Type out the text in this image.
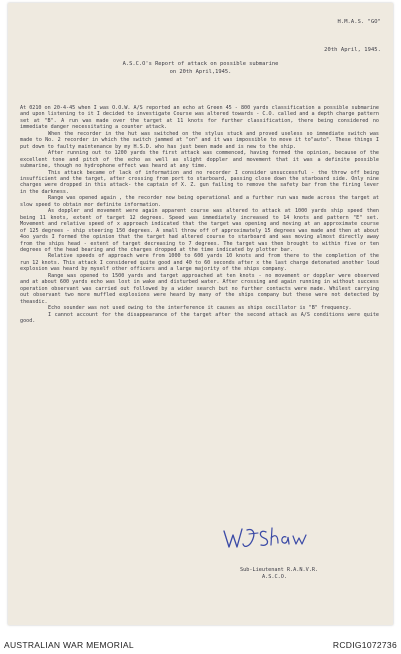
H.M.A.S. "GO"
20th April, 1945.
A.S.C.O's Report of attack on possible submarine
on 20th April,1945.

At 0210 on 20-4-45 when I was O.O.W. A/S reported an echo at Green 45 - 800 yards classification a possible submarine and upon listening to it I decided to investigate Course was altered towards - C.O. called and a depth charge pattern set at "B". A run was made over the target at 11 knots for further classification, there being considered no immediate danger necessitating a counter attack.

When the recorder in the hut was switched on the stylus stuck and proved useless so immediate switch was made to No. 2 recorder in which the switch jammed at "on" and it was impossible to move it to"auto". These things I put down to faulty maintenance by my H.S.D. who has just been made and is new to the ship.

After running out to 1200 yards the first attack was commenced, having formed the opinion, because of the excellent tone and pitch of the echo as well as slight doppler and movement that it was a definite possible submarine, though no hydrophone effect was heard at any time.

This attack became of lack of information and no recorder I consider unsuccessful - the throw off being insufficient and the target, after crossing from port to starboard, passing close down the starboard side. Only nine charges were dropped in this attack- the captain of X. Z. gun failing to remove the safety bar from the firing lever in the darkness.

Range was opened again , the recorder now being operational and a further run was made across the target at slow speed to obtain mor definite information.

As doppler and movement were again apparent course was altered to attack at 1000 yards ship speed then being 11 knots, extent of target 12 degrees. Speed was immediately increased to 14 knots and pattern "E" set. Movement and relative speed of x approach indicated that the target was opening and moving at an approximate course of 125 degrees - ship steering 150 degrees. A small throw off of approximately 15 degrees was made and then at about 4oo yards I formed the opinion that the target had altered course to starboard and was moving almost directly away from the ships head - extent of target decreasing to 7 degrees. The target was then brought to within five or ten degrees of the head bearing and the charges dropped at the time indicated by plotter bar.

Relative speeds of approach were from 1000 to 600 yards 10 knots and from there to the completion of the run 12 knots. This attack I considered quite good and 40 to 60 seconds after x the last charge detonated another loud explosion was heard by myself other officers and a large majority of the ships company.

Range was opened to 1500 yards and target approached at ten knots - no movement or doppler were observed and at about 600 yards echo was lost in wake and disturbed water. After crossing and again running in without success operation observant was carried out followed by a wider search but no further contacts were made. Whilest carrying out observant two more muffled explosions were heard by many of the ships company but these were not detected by theasdic.

Echo sounder was not used owing to the interference it causes as ships oscillator is "B" frequency.

I cannot account for the disappearance of the target after the second attack as A/S conditions were quite good.

Sub-Lieutenant R.A.N.V.R.
A.S.C.O.
AUSTRALIAN WAR MEMORIAL	RCDIG1072736
